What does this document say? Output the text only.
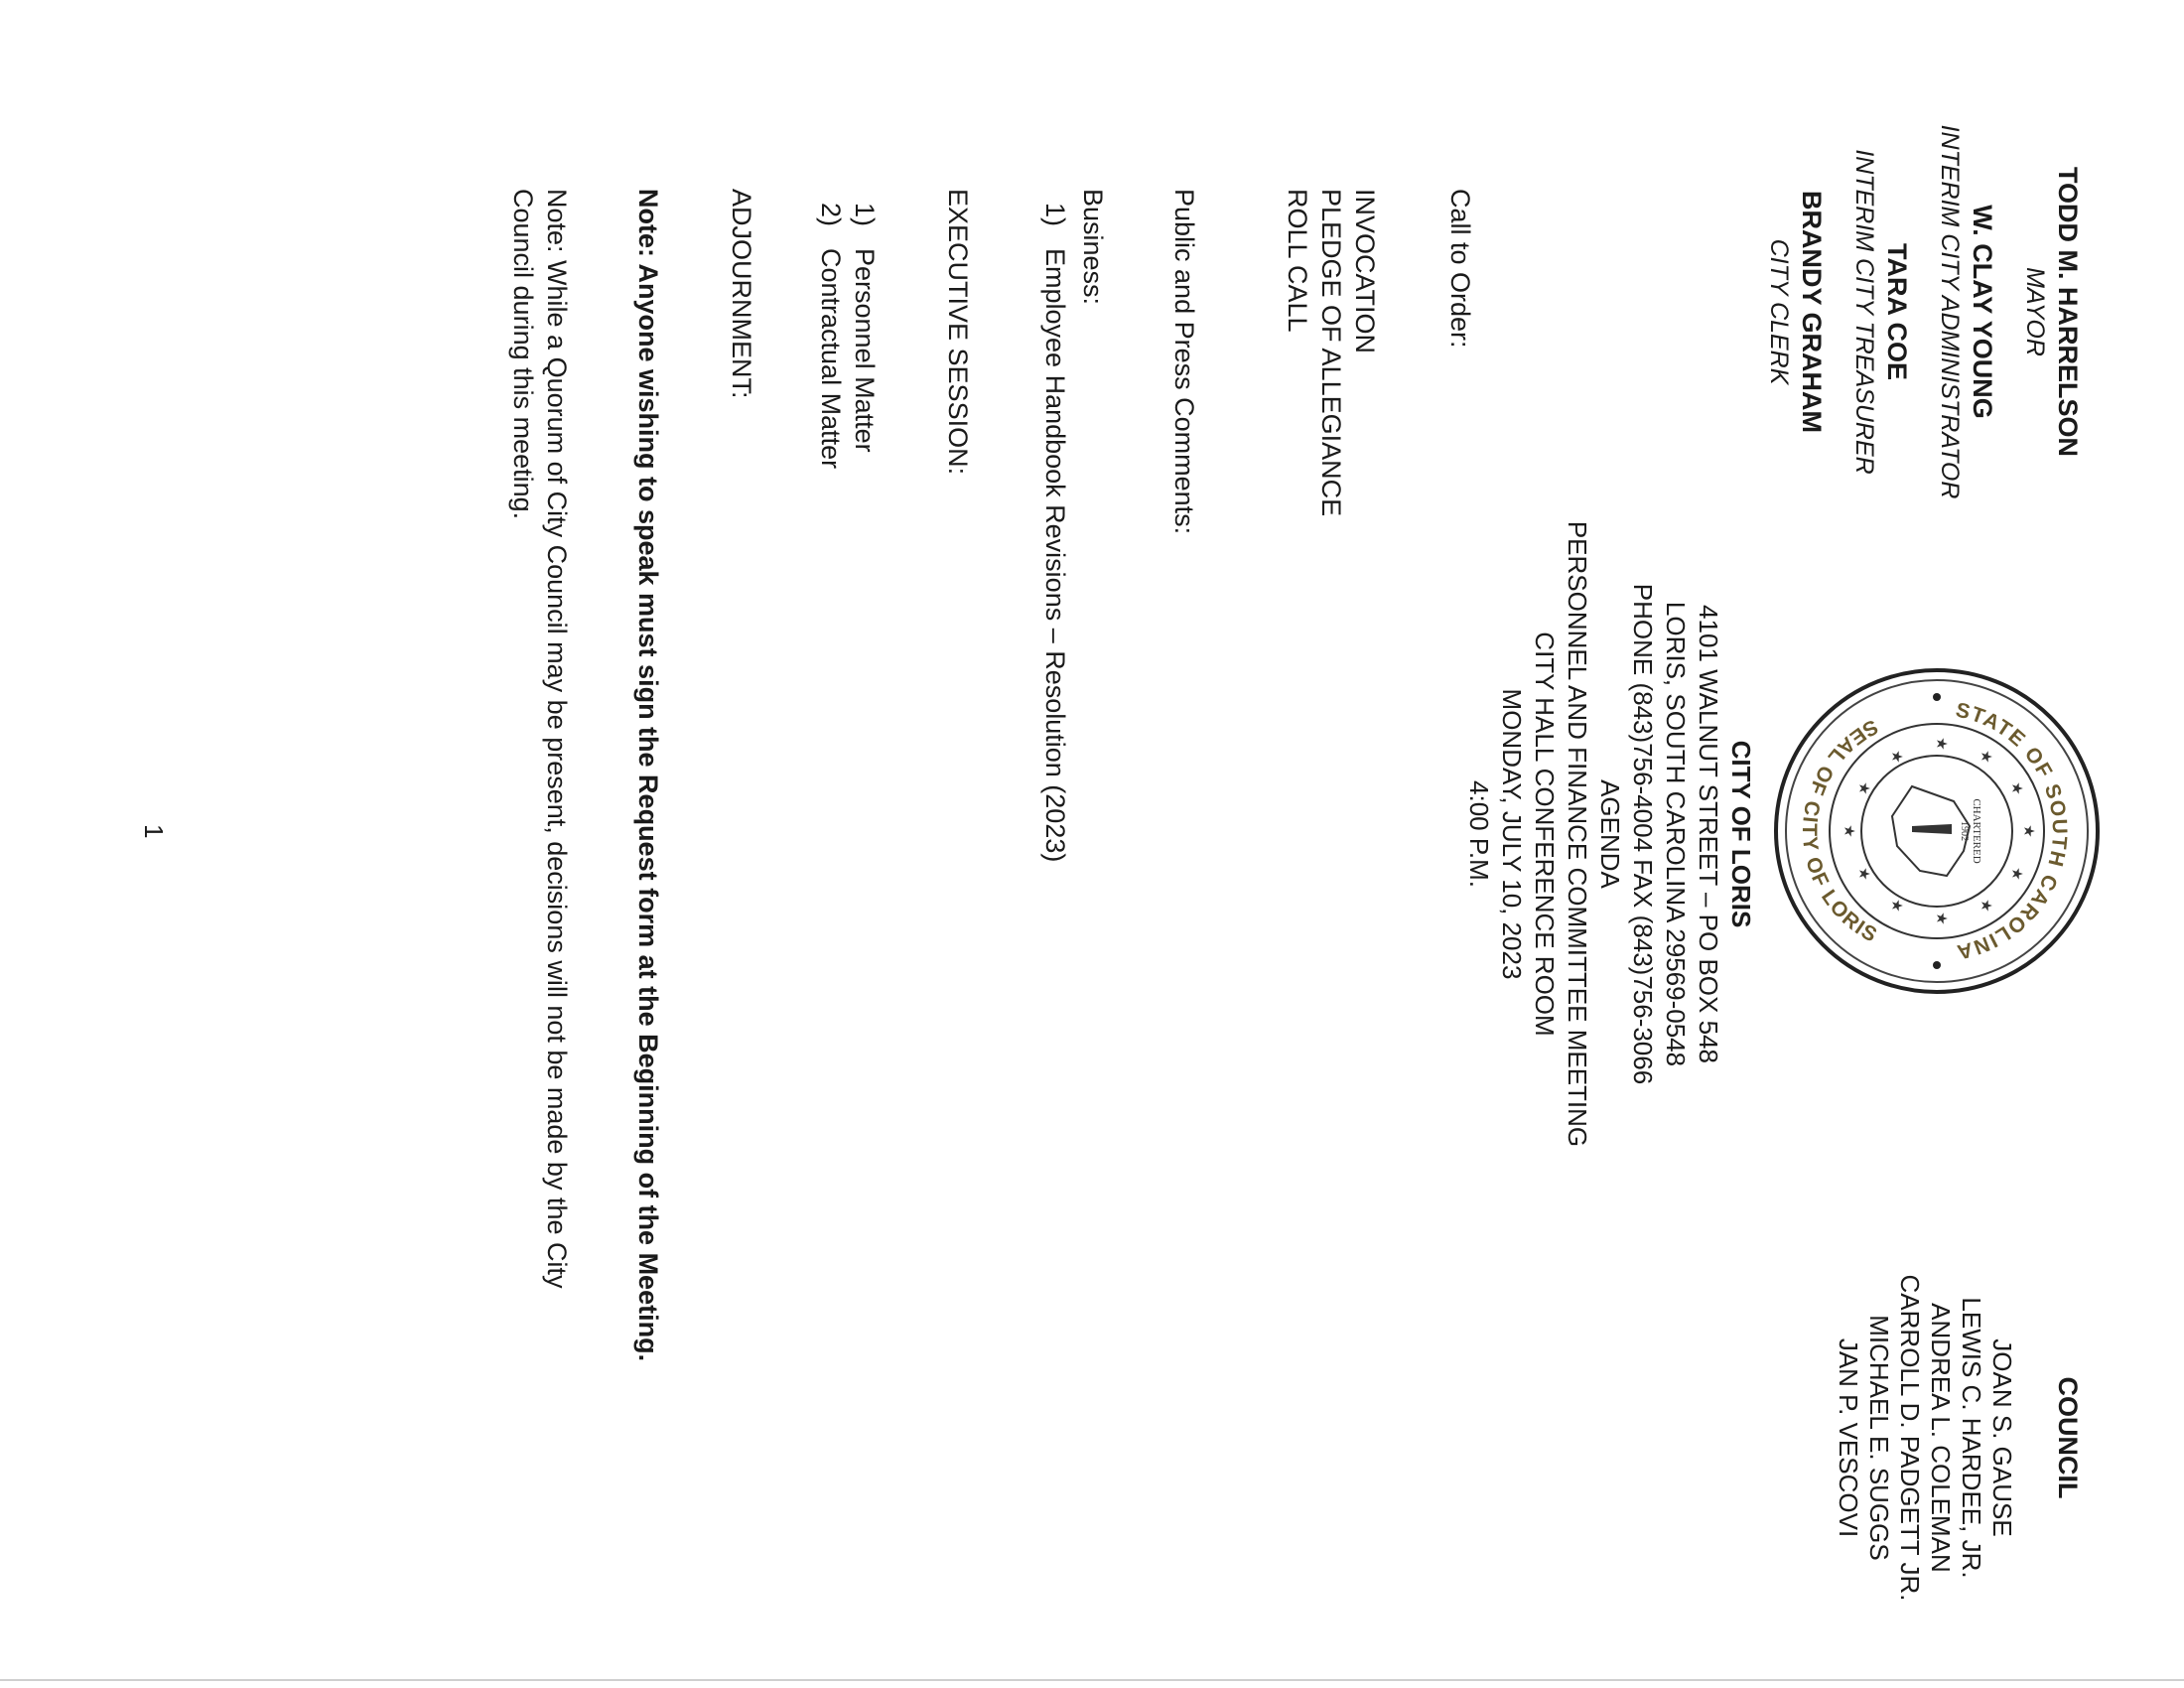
TODD M. HARRELSON
MAYOR
W. CLAY YOUNG
INTERIM CITY ADMINISTRATOR
TARA COE
INTERIM CITY TREASURER
BRANDY GRAHAM
CITY CLERK
STATE OF SOUTH CAROLINA
SEAL OF CITY OF LORIS
★
★
★
★
★
★
★
★
★
★
★
★
CHARTERED
1902
COUNCIL
JOAN S. GAUSE
LEWIS C. HARDEE, JR.
ANDREA L. COLEMAN
CARROLL D. PADGETT JR.
MICHAEL E. SUGGS
JAN P. VESCOVI
CITY OF LORIS
4101 WALNUT STREET – PO BOX 548
LORIS, SOUTH CAROLINA 29569-0548
PHONE (843)756-4004 FAX (843)756-3066
AGENDA
PERSONNEL AND FINANCE COMMITTEE MEETING
CITY HALL CONFERENCE ROOM
MONDAY, JULY 10, 2023
4:00 P.M.
Call to Order:
INVOCATION
PLEDGE OF ALLEGIANCE
ROLL CALL
Public and Press Comments:
Business:
1)Employee Handbook Revisions – Resolution (2023)
EXECUTIVE SESSION:
1)Personnel Matter
2)Contractual Matter
ADJOURNMENT:
Note: Anyone wishing to speak must sign the Request form at the Beginning of the Meeting.
Note: While a Quorum of City Council may be present, decisions will not be made by the City Council during this meeting.
1
